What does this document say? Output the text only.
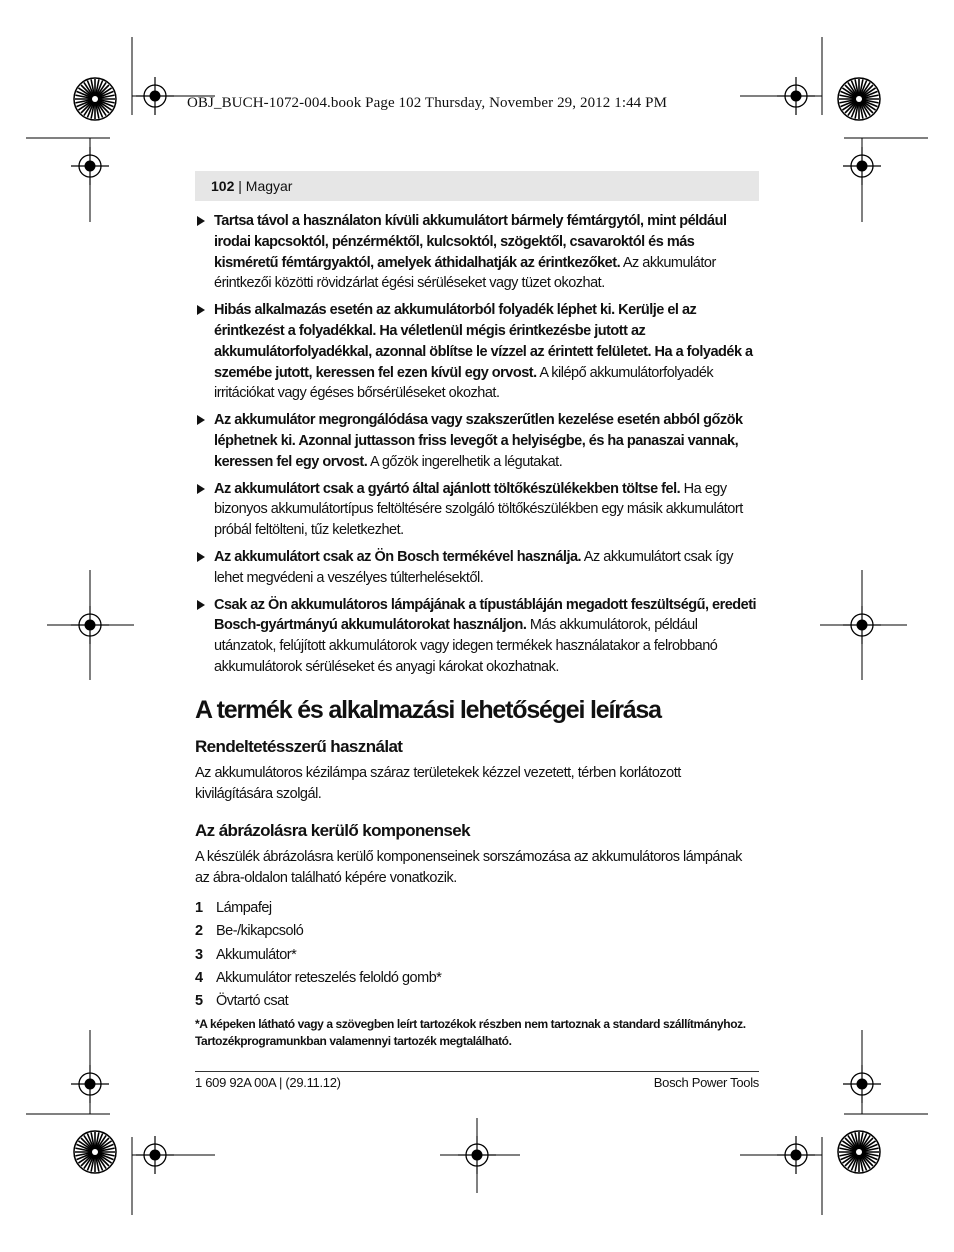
OBJ_BUCH-1072-004.book Page 102 Thursday, November 29, 2012 1:44 PM
102 | Magyar

Tartsa távol a használaton kívüli akkumulátort bármely fémtárgytól, mint például irodai kapcsoktól, pénzérméktől, kulcsoktól, szögektől, csavaroktól és más kisméretű fémtárgyaktól, amelyek áthidalhatják az érintkezőket. Az akkumulátor érintkezői közötti rövidzárlat égési sérüléseket vagy tüzet okozhat.

Hibás alkalmazás esetén az akkumulátorból folyadék léphet ki. Kerülje el az érintkezést a folyadékkal. Ha véletlenül mégis érintkezésbe jutott az akkumulátorfolyadékkal, azonnal öblítse le vízzel az érintett felületet. Ha a folyadék a szemébe jutott, keressen fel ezen kívül egy orvost. A kilépő akkumulátorfolyadék irritációkat vagy égéses bőrsérüléseket okozhat.

Az akkumulátor megrongálódása vagy szakszerűtlen kezelése esetén abból gőzök léphetnek ki. Azonnal juttasson friss levegőt a helyiségbe, és ha panaszai vannak, keressen fel egy orvost. A gőzök ingerelhetik a légutakat.

Az akkumulátort csak a gyártó által ajánlott töltőkészülékekben töltse fel. Ha egy bizonyos akkumulátortípus feltöltésére szolgáló töltőkészülékben egy másik akkumulátort próbál feltölteni, tűz keletkezhet.

Az akkumulátort csak az Ön Bosch termékével használja. Az akkumulátort csak így lehet megvédeni a veszélyes túlterhelésektől.

Csak az Ön akkumulátoros lámpájának a típustábláján megadott feszültségű, eredeti Bosch-gyártmányú akkumulátorokat használjon. Más akkumulátorok, például utánzatok, felújított akkumulátorok vagy idegen termékek használatakor a felrobbanó akkumulátorok sérüléseket és anyagi károkat okozhatnak.

A termék és alkalmazási lehetőségei leírása
Rendeltetésszerű használat

Az akkumulátoros kézilámpa száraz területekek kézzel vezetett, térben korlátozott kivilágítására szolgál.

Az ábrázolásra kerülő komponensek

A készülék ábrázolásra kerülő komponenseinek sorszámozása az akkumulátoros lámpának az ábra-oldalon található képére vonatkozik.

1 Lámpafej
2 Be-/kikapcsoló
3 Akkumulátor*
4 Akkumulátor reteszelés feloldó gomb*
5 Övtartó csat
*A képeken látható vagy a szövegben leírt tartozékok részben nem tartoznak a standard szállítmányhoz. Tartozékprogramunkban valamennyi tartozék megtalálható.
1 609 92A 00A | (29.11.12)	Bosch Power Tools
